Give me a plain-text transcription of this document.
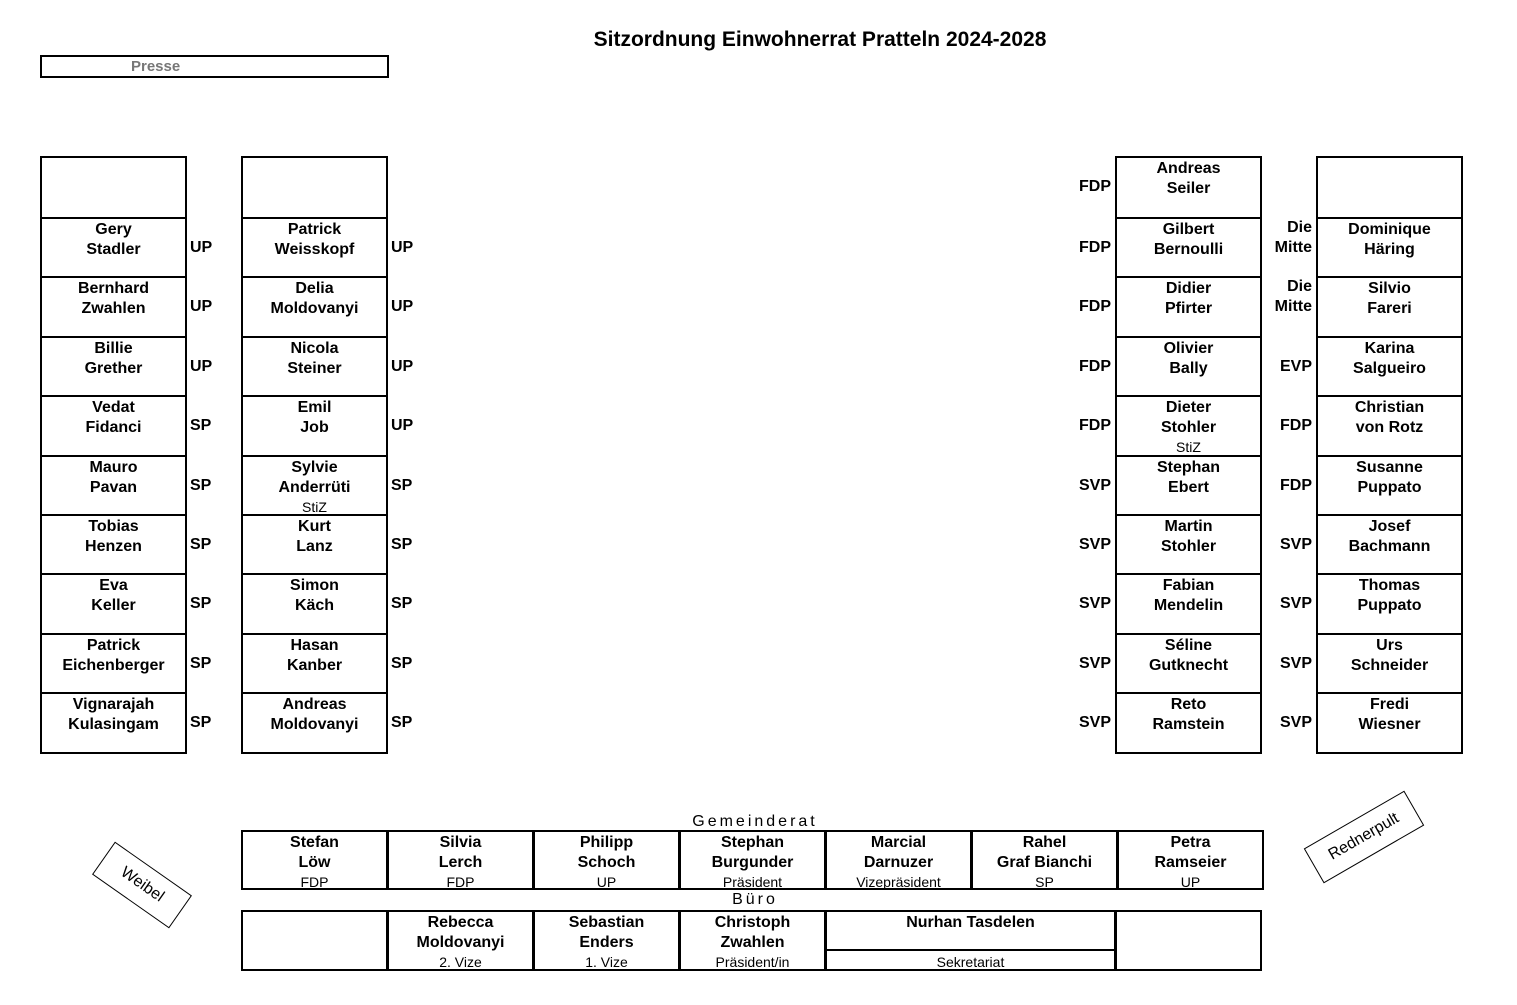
Sitzordnung Einwohnerrat Pratteln 2024-2028
Presse
Gery
Stadler	UP
Bernhard
Zwahlen	UP
Billie
Grether	UP
Vedat
Fidanci	SP
Mauro
Pavan	SP
Tobias
Henzen	SP
Eva
Keller	SP
Patrick
Eichenberger	SP
Vignarajah
Kulasingam	SP
Patrick
Weisskopf	UP
Delia
Moldovanyi	UP
Nicola
Steiner	UP
Emil
Job	UP
Sylvie
Anderrüti
StiZ
SP
Kurt
Lanz	SP
Simon
Käch	SP
Hasan
Kanber	SP
Andreas
Moldovanyi	SP
Andreas
Seiler
FDP
Gilbert
Bernoulli
FDP
Didier
Pfirter
FDP
Olivier
Bally
FDP
Dieter
Stohler
StiZ
FDP
Stephan
Ebert
SVP
Martin
Stohler
SVP
Fabian
Mendelin
SVP
Séline
Gutknecht
SVP
Reto
Ramstein
SVP
Dominique
Häring
Die
Mitte
Silvio
Fareri
Die
Mitte
Karina
Salgueiro
EVP
Christian
von Rotz
FDP
Susanne
Puppato
FDP
Josef
Bachmann
SVP
Thomas
Puppato
SVP
Urs
Schneider
SVP
Fredi
Wiesner
SVP
Gemeinderat
Stefan
Löw
FDP
Silvia
Lerch
FDP
Philipp
Schoch
UP
Stephan
Burgunder
Präsident
Marcial
Darnuzer
Vizepräsident
Rahel
Graf Bianchi
SP
Petra
Ramseier
UP
Büro
Rebecca
Moldovanyi
2. Vize
Sebastian
Enders
1. Vize
Christoph
Zwahlen
Präsident/in
Nurhan Tasdelen
Sekretariat
Weibel
Rednerpult
